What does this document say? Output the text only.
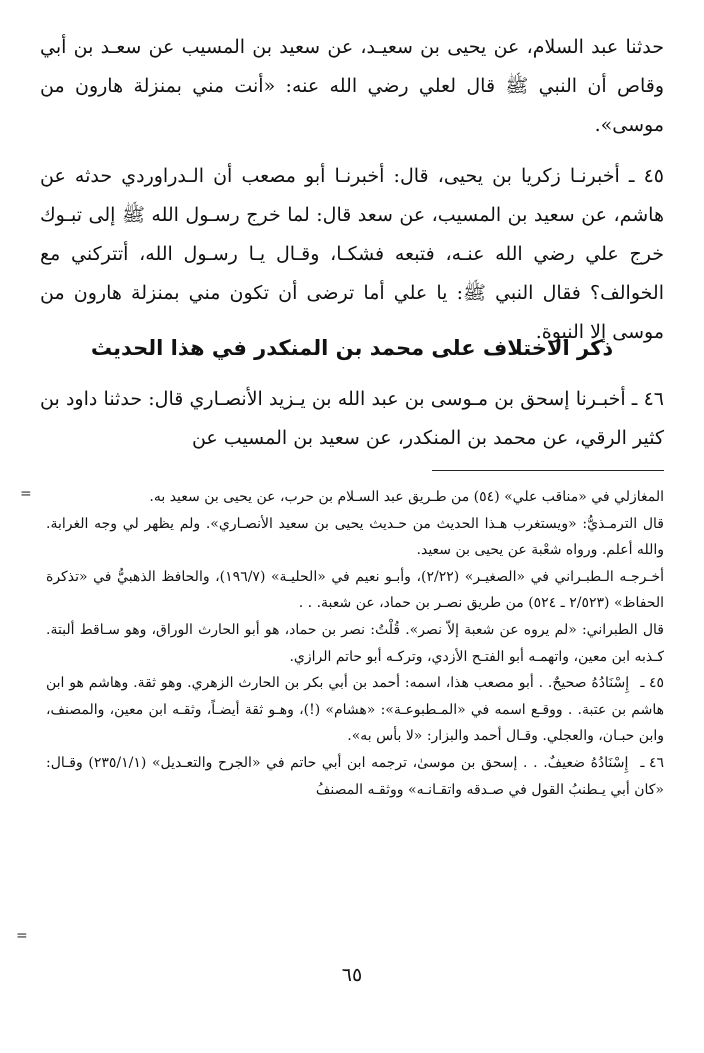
حدثنا عبد السلام، عن يحيى بن سعيـد، عن سعيد بن المسيب عن سعـد بن أبي وقاص أن النبي ﷺ قال لعلي رضي الله عنه: «أنت مني بمنزلة هارون من موسى».

٤٥ ـ أخبرنـا زكريا بن يحيى، قال: أخبرنـا أبو مصعب أن الـدراوردي حدثه عن هاشم، عن سعيد بن المسيب، عن سعد قال: لما خرج رسـول الله ﷺ إلى تبـوك خرج علي رضي الله عنـه، فتبعه فشكـا، وقـال يـا رسـول الله، أتتركني مع الخوالف؟ فقال النبي ﷺ: يا علي أما ترضى أن تكون مني بمنزلة هارون من موسى إلا النبوة.

ذكر الاختلاف على محمد بن المنكدر في هذا الحديث

٤٦ ـ أخبـرنا إسحق بن مـوسى بن عبد الله بن يـزيد الأنصـاري قال: حدثنا داود بن كثير الرقي، عن محمد بن المنكدر، عن سعيد بن المسيب عن

=	المغازلي في «مناقب علي» (٥٤) من طـريق عبد السـلام بن حرب، عن يحيى بن سعيد به.

قال الترمـذيُّ: «ويستغرب هـذا الحديث من حـديث يحيى بن سعيد الأنصـاري». ولم يظهر لي وجه الغرابة. والله أعلم. ورواه شعْبة عن يحيى بن سعيد.

أخـرجـه الـطبـراني في «الصغيـر» (٢/٢٢)، وأبـو نعيم في «الحليـة» (١٩٦/٧)، والحافظ الذهبيُّ في «تذكرة الحفاظ» (٢/٥٢٣ ـ ٥٢٤) من طريق نصـر بن حماد، عن شعبة. . .

قال الطبراني: «لم يروه عن شعبة إلاّ نصر». قُلْتُ: نصر بن حماد، هو أبو الحارث الوراق، وهو سـاقط ألبتة. كـذبه ابن معين، واتهمـه أبو الفتـح الأزدي، وتركـه أبو حاتم الرازي.

٤٥ ـ إِسْنَادُهُ صحيحٌ. . أبو مصعب هذا، اسمه: أحمد بن أبي بكر بن الحارث الزهري. وهو ثقة. وهاشم هو ابن هاشم بن عتبة. . ووقـع اسمه في «المـطبوعـة»: «هشام» (!)، وهـو ثقة أيضـاً، وثقـه ابن معين، والمصنف، وابن حبـان، والعجلي. وقـال أحمد والبزار: «لا بأس به».

٤٦ ـ إِسْنَادُهُ ضعيفٌ. . . إسحق بن موسىٰ، ترجمه ابن أبي حاتم في «الجرح والتعـديل» (٢٣٥/١/١) وقـال: «كان أبي يـطنبُ القول في صـدقه واتقـانـه» ووثقـه المصنفُ

=
٦٥
